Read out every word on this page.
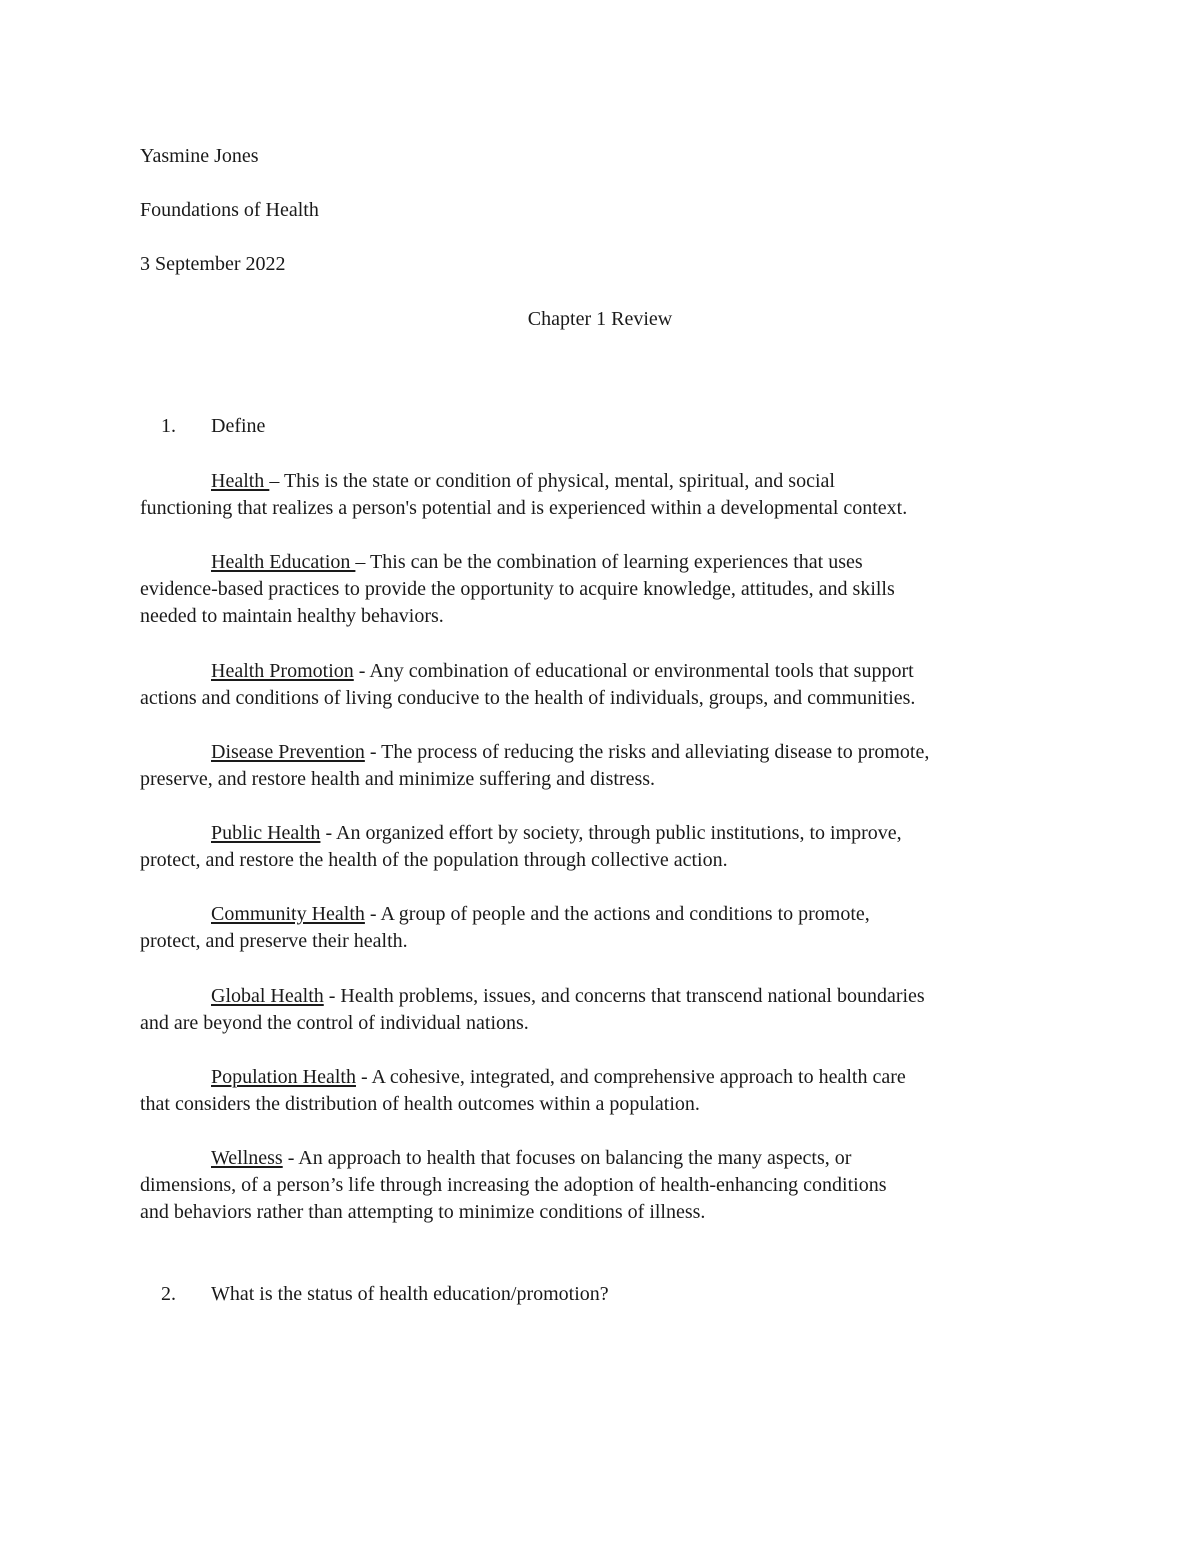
Yasmine Jones

Foundations of Health

3 September 2022

Chapter 1 Review

1. Define
Health – This is the state or condition of physical, mental, spiritual, and social
functioning that realizes a person's potential and is experienced within a developmental context.
Health Education – This can be the combination of learning experiences that uses
evidence-based practices to provide the opportunity to acquire knowledge, attitudes, and skills
needed to maintain healthy behaviors.
Health Promotion - Any combination of educational or environmental tools that support
actions and conditions of living conducive to the health of individuals, groups, and communities.
Disease Prevention - The process of reducing the risks and alleviating disease to promote,
preserve, and restore health and minimize suffering and distress.
Public Health - An organized effort by society, through public institutions, to improve,
protect, and restore the health of the population through collective action.
Community Health - A group of people and the actions and conditions to promote,
protect, and preserve their health.
Global Health - Health problems, issues, and concerns that transcend national boundaries
and are beyond the control of individual nations.
Population Health - A cohesive, integrated, and comprehensive approach to health care
that considers the distribution of health outcomes within a population.
Wellness - An approach to health that focuses on balancing the many aspects, or
dimensions, of a person’s life through increasing the adoption of health-enhancing conditions
and behaviors rather than attempting to minimize conditions of illness.
2. What is the status of health education/promotion?
